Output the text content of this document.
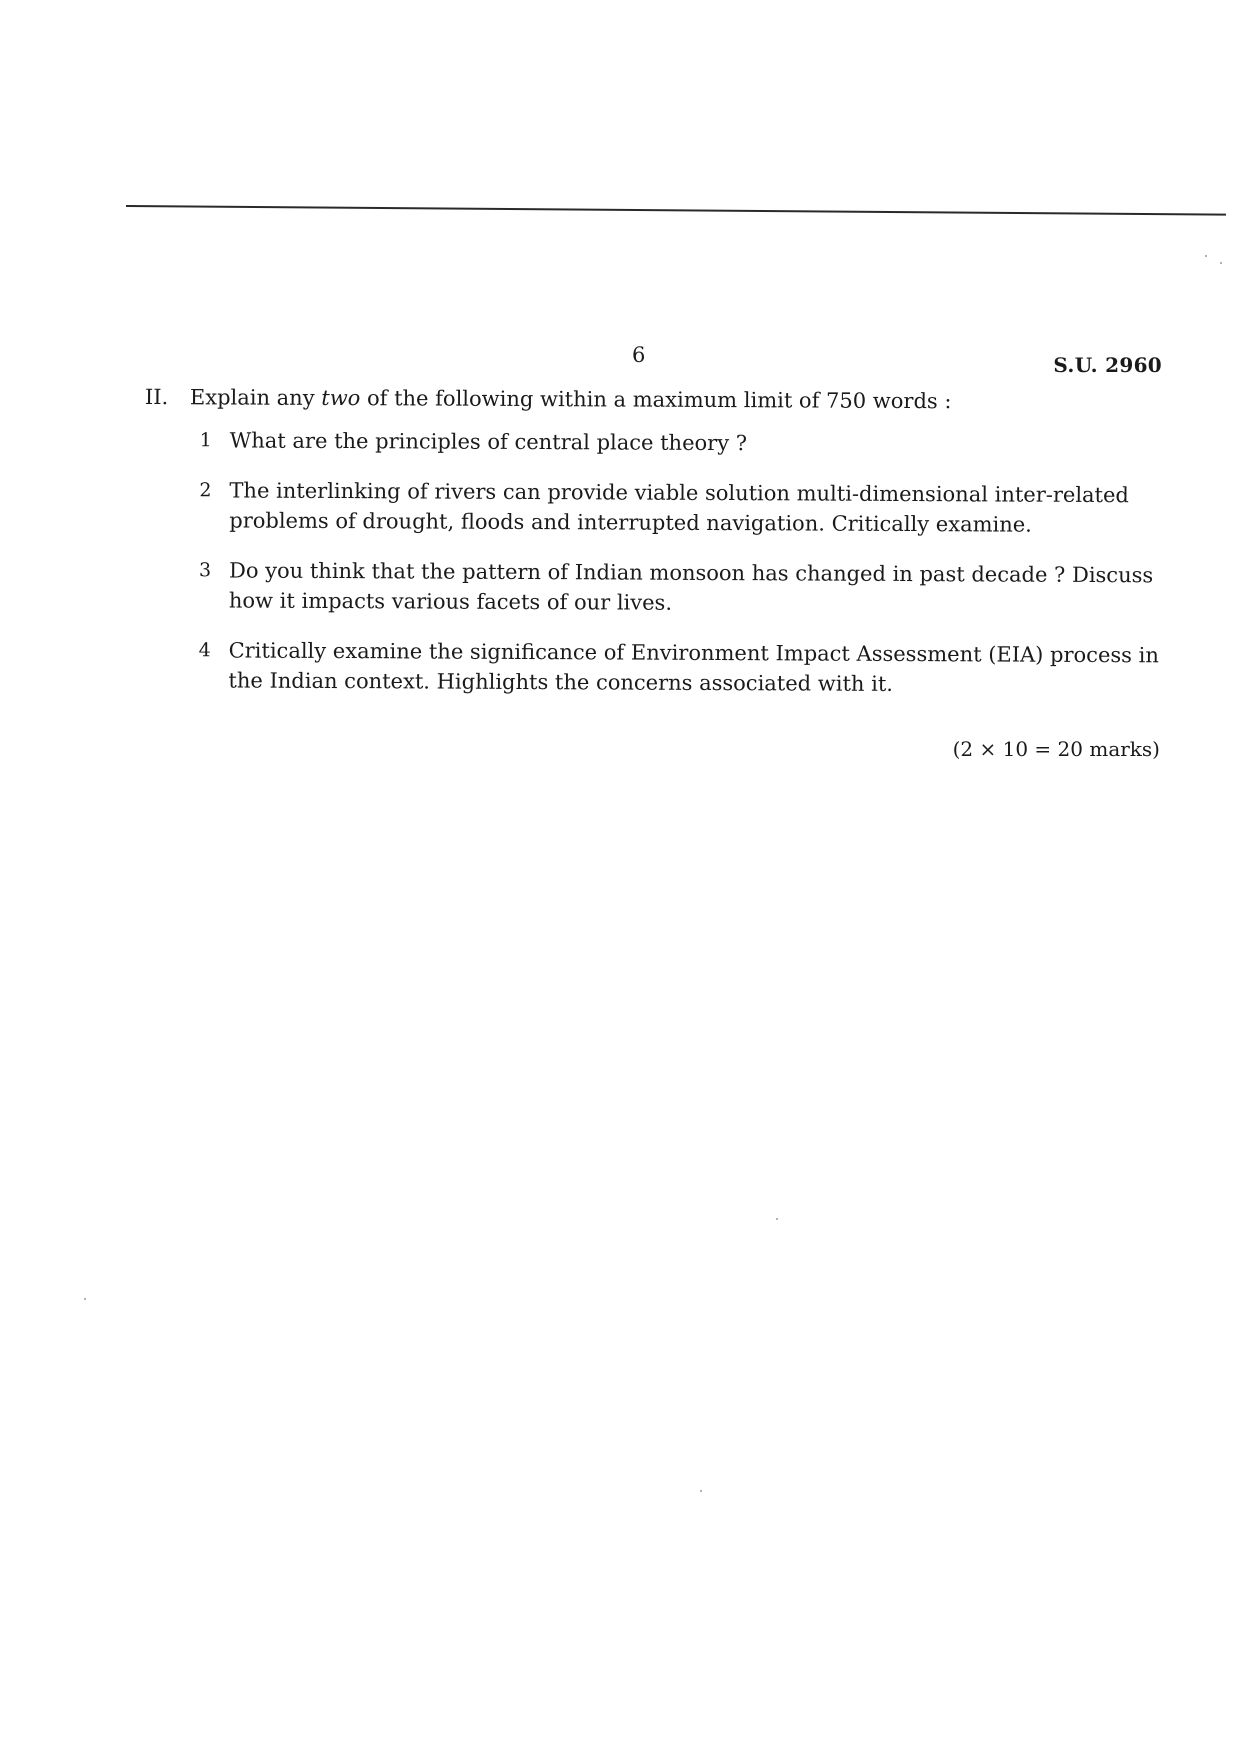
6	S.U. 2960
II.	Explain any two of the following within a maximum limit of 750 words :
1 What are the principles of central place theory ?
2 The interlinking of rivers can provide viable solution multi-dimensional inter-related problems of drought, floods and interrupted navigation. Critically examine.
3 Do you think that the pattern of Indian monsoon has changed in past decade ? Discuss how it impacts various facets of our lives.
4 Critically examine the significance of Environment Impact Assessment (EIA) process in the Indian context. Highlights the concerns associated with it.
(2 × 10 = 20 marks)
